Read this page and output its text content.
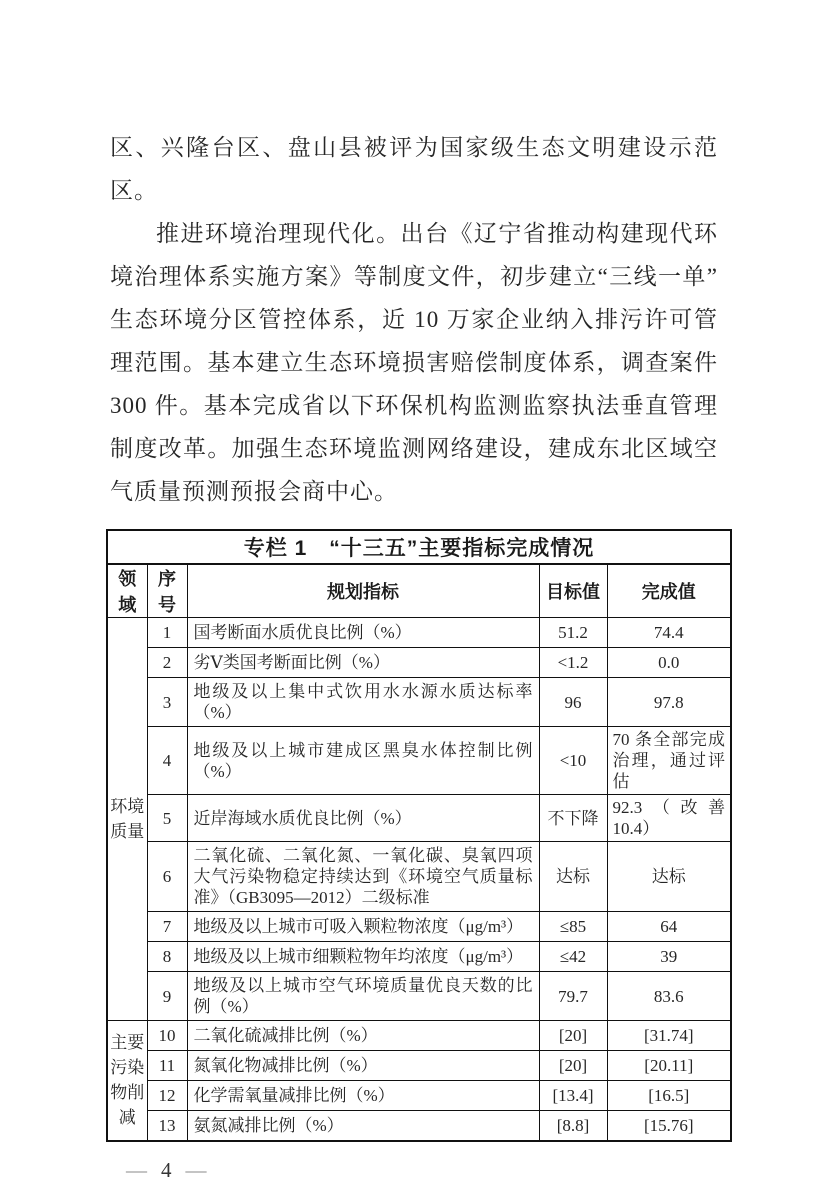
区、兴隆台区、盘山县被评为国家级生态文明建设示范区。

推进环境治理现代化。出台《辽宁省推动构建现代环境治理体系实施方案》等制度文件，初步建立“三线一单”生态环境分区管控体系，近 10 万家企业纳入排污许可管理范围。基本建立生态环境损害赔偿制度体系，调查案件 300 件。基本完成省以下环保机构监测监察执法垂直管理制度改革。加强生态环境监测网络建设，建成东北区域空气质量预测预报会商中心。

专栏 1　“十三五”主要指标完成情况				
领域	序号	规划指标	目标值	完成值
环境质量	1	国考断面水质优良比例（%）	51.2	74.4
	2	劣Ⅴ类国考断面比例（%）	<1.2	0.0
	3	地级及以上集中式饮用水水源水质达标率（%）	96	97.8
	4	地级及以上城市建成区黑臭水体控制比例（%）	<10	70 条全部完成治理，通过评估
	5	近岸海域水质优良比例（%）	不下降	92.3（改善10.4）
	6	二氧化硫、二氧化氮、一氧化碳、臭氧四项大气污染物稳定持续达到《环境空气质量标准》（GB3095—2012）二级标准	达标	达标
	7	地级及以上城市可吸入颗粒物浓度（μg/m³）	≤85	64
	8	地级及以上城市细颗粒物年均浓度（μg/m³）	≤42	39
	9	地级及以上城市空气环境质量优良天数的比例（%）	79.7	83.6
主要污染物削减	10	二氧化硫减排比例（%）	[20]	[31.74]
	11	氮氧化物减排比例（%）	[20]	[20.11]
	12	化学需氧量减排比例（%）	[13.4]	[16.5]
	13	氨氮减排比例（%）	[8.8]	[15.76]
— 4 —
